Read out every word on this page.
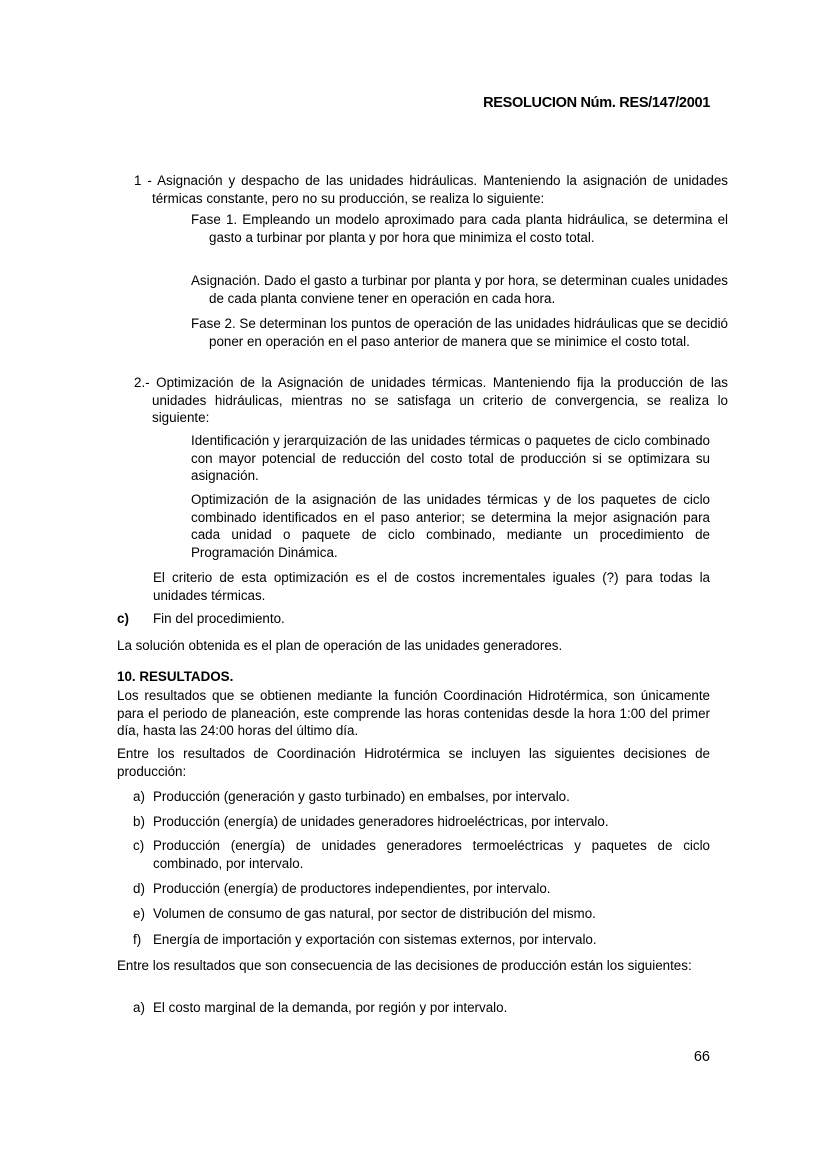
RESOLUCION Núm. RES/147/2001

1 - Asignación y despacho de las unidades hidráulicas. Manteniendo la asignación de unidades térmicas constante, pero no su producción, se realiza lo siguiente:

Fase 1. Empleando un modelo aproximado para cada planta hidráulica, se determina el gasto a turbinar por planta y por hora que minimiza el costo total.

Asignación. Dado el gasto a turbinar por planta y por hora, se determinan cuales unidades de cada planta conviene tener en operación en cada hora.

Fase 2. Se determinan los puntos de operación de las unidades hidráulicas que se decidió poner en operación en el paso anterior de manera que se minimice el costo total.

2.- Optimización de la Asignación de unidades térmicas. Manteniendo fija la producción de las unidades hidráulicas, mientras no se satisfaga un criterio de convergencia, se realiza lo siguiente:

Identificación y jerarquización de las unidades térmicas o paquetes de ciclo combinado con mayor potencial de reducción del costo total de producción si se optimizara su asignación.

Optimización de la asignación de las unidades térmicas y de los paquetes de ciclo combinado identificados en el paso anterior; se determina la mejor asignación para cada unidad o paquete de ciclo combinado, mediante un procedimiento de Programación Dinámica.

El criterio de esta optimización es el de costos incrementales iguales (?) para todas la unidades térmicas.

c) Fin del procedimiento.

La solución obtenida es el plan de operación de las unidades generadores.

10. RESULTADOS.

Los resultados que se obtienen mediante la función Coordinación Hidrotérmica, son únicamente para el periodo de planeación, este comprende las horas contenidas desde la hora 1:00 del primer día, hasta las 24:00 horas del último día.

Entre los resultados de Coordinación Hidrotérmica se incluyen las siguientes decisiones de producción:

a) Producción (generación y gasto turbinado) en embalses, por intervalo.
b) Producción (energía) de unidades generadores hidroeléctricas, por intervalo.
c) Producción (energía) de unidades generadores termoeléctricas y paquetes de ciclo combinado, por intervalo.
d) Producción (energía) de productores independientes, por intervalo.
e) Volumen de consumo de gas natural, por sector de distribución del mismo.
f) Energía de importación y exportación con sistemas externos, por intervalo.

Entre los resultados que son consecuencia de las decisiones de producción están los siguientes:

a) El costo marginal de la demanda, por región y por intervalo.
66
